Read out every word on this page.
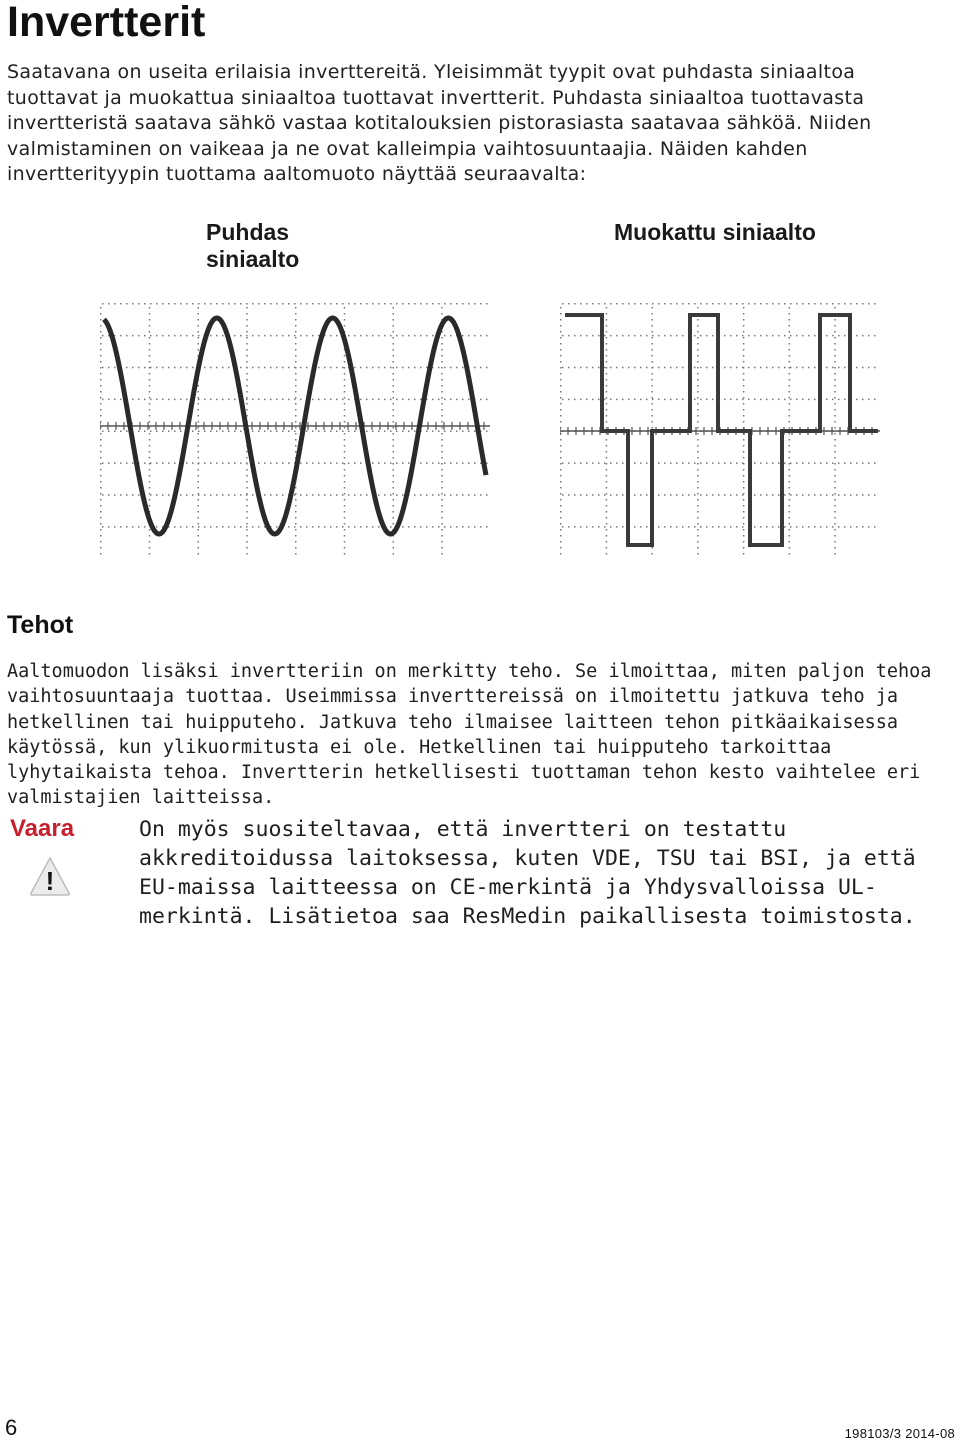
Invertterit
Saatavana on useita erilaisia invertterеitä. Yleisimmät tyypit ovat puhdasta siniaaltoa tuottavat ja muokattua siniaaltoa tuottavat invertterit. Puhdasta siniaaltoa tuottavasta invertteristä saatava sähkö vastaa kotitalouksien pistorasiasta saatavaa sähköä. Niiden valmistaminen on vaikeaa ja ne ovat kalleimpia vaihtosuuntaajia. Näiden kahden invertterityypin tuottama aaltomuoto näyttää seuraavalta:
Puhdas siniaalto
Muokattu siniaalto
Tehot
Aaltomuodon lisäksi invertteriin on merkitty teho. Se ilmoittaa, miten paljon tehoa vaihtosuuntaaja tuottaa. Useimmissa invertterеissä on ilmoitettu jatkuva teho ja hetkellinen tai huipputeho. Jatkuva teho ilmaisee laitteen tehon pitkäaikaisessa käytössä, kun ylikuormitusta ei ole. Hetkellinen tai huipputeho tarkoittaa lyhytaikaista tehoa. Invertterin hetkellisesti tuottaman tehon kesto vaihtelee eri valmistajien laitteissa.
Vaara
!
On myös suositeltavaa, että invertteri on testattu akkreditoidussa laitoksessa, kuten VDE, TSU tai BSI, ja että EU-maissa laitteessa on CE-merkintä ja Yhdysvalloissa UL-merkintä. Lisätietoa saa ResMedin paikallisesta toimistosta.
6	198103/3 2014-08
